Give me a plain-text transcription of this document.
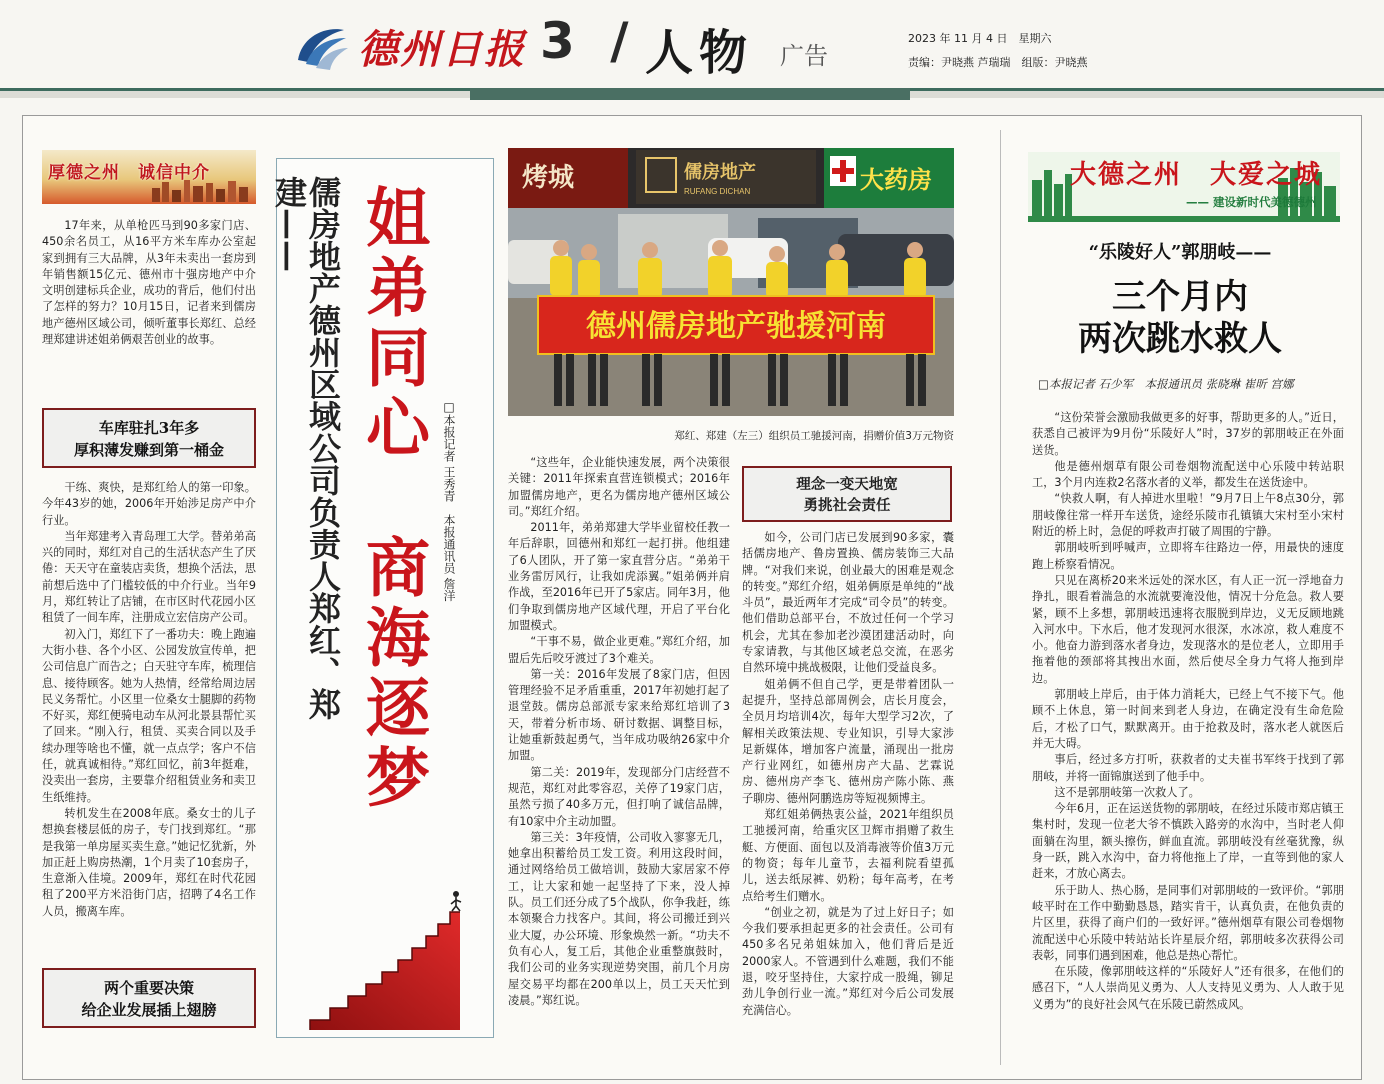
德州日报 3 / 人物 广告
2023 年 11 月 4 日　星期六
责编：尹晓燕 芦瑞瑞　组版：尹晓燕
厚德之州　诚信中介

17年来，从单枪匹马到90多家门店、450余名员工，从16平方米车库办公室起家到拥有三大品牌，从3年未卖出一套房到年销售额15亿元、德州市十强房地产中介文明创建标兵企业，成功的背后，他们付出了怎样的努力？10月15日，记者来到儒房地产德州区域公司，倾听董事长郑红、总经理郑建讲述姐弟俩艰苦创业的故事。

车库驻扎3年多
厚积薄发赚到第一桶金

干练、爽快，是郑红给人的第一印象。今年43岁的她，2006年开始涉足房产中介行业。

当年郑建考入青岛理工大学。替弟弟高兴的同时，郑红对自己的生活状态产生了厌倦：天天守在童装店卖货，想换个活法，思前想后选中了门槛较低的中介行业。当年9月，郑红转让了店铺，在市区时代花园小区租赁了一间车库，注册成立宏信房产公司。

初入门，郑红下了一番功夫：晚上跑遍大街小巷、各个小区、公园发放宣传单，把公司信息广而告之；白天驻守车库，梳理信息、接待顾客。她为人热情，经常给周边居民义务帮忙。小区里一位桑女士腿脚的药物不好买，郑红便骑电动车从河北景县帮忙买了回来。“刚入行，租赁、买卖合同以及手续办理等啥也不懂，就一点点学；客户不信任，就真诚相待。”郑红回忆，前3年挺难，没卖出一套房，主要靠介绍租赁业务和卖卫生纸维持。

转机发生在2008年底。桑女士的儿子想换套楼层低的房子，专门找到郑红。“那是我第一单房屋买卖生意。”她记忆犹新，外加正赶上购房热潮，1个月卖了10套房子，生意渐入佳境。2009年，郑红在时代花园租了200平方米沿街门店，招聘了4名工作人员，搬离车库。

两个重要决策
给企业发展插上翅膀
儒房地产德州区域公司负责人郑红、郑建—— 姐弟同心　商海逐梦 □本报记者 王秀青　本报通讯员 詹洋
烤城	儒房地产
RUFANG DICHAN	大药房
德州儒房地产驰援河南
郑红、郑建（左三）组织员工驰援河南，捐赠价值3万元物资

“这些年，企业能快速发展，两个决策很关键：2011年探索直营连锁模式；2016年加盟儒房地产，更名为儒房地产德州区域公司。”郑红介绍。

2011年，弟弟郑建大学毕业留校任教一年后辞职，回德州和郑红一起打拼。他组建了6人团队，开了第一家直营分店。“弟弟干业务雷厉风行，让我如虎添翼。”姐弟俩并肩作战，至2016年已开了5家店。同年3月，他们争取到儒房地产区域代理，开启了平台化加盟模式。

“干事不易，做企业更难。”郑红介绍，加盟后先后咬牙渡过了3个难关。

第一关：2016年发展了8家门店，但因管理经验不足矛盾重重，2017年初她打起了退堂鼓。儒房总部派专家来给郑红培训了3天，带着分析市场、研讨数据、调整目标，让她重新鼓起勇气，当年成功吸纳26家中介加盟。

第二关：2019年，发现部分门店经营不规范，郑红对此零容忍，关停了19家门店，虽然亏损了40多万元，但打响了诚信品牌，有10家中介主动加盟。

第三关：3年疫情，公司收入寥寥无几，她拿出积蓄给员工发工资。利用这段时间，通过网络给员工做培训，鼓励大家居家不停工，让大家和她一起坚持了下来，没人掉队。员工们还分成了5个战队，你争我赶，练本领聚合力找客户。其间，将公司搬迁到兴业大厦，办公环境、形象焕然一新。“功夫不负有心人，复工后，其他企业重整旗鼓时，我们公司的业务实现逆势突围，前几个月房屋交易平均都在200单以上，员工天天忙到凌晨。”郑红说。

理念一变天地宽
勇挑社会责任

如今，公司门店已发展到90多家，囊括儒房地产、鲁房置换、儒房装饰三大品牌。“对我们来说，创业最大的困难是观念的转变。”郑红介绍，姐弟俩原是单纯的“战斗员”，最近两年才完成“司令员”的转变。他们借助总部平台，不放过任何一个学习机会，尤其在参加老沙漠团建活动时，向专家请教，与其他区域老总交流，在恶劣自然环境中挑战极限，让他们受益良多。

姐弟俩不但自己学，更是带着团队一起提升，坚持总部周例会，店长月度会，全员月均培训4次，每年大型学习2次，了解相关政策法规、专业知识，引导大家涉足新媒体，增加客户流量，涌现出一批房产行业网红，如德州房产大晶、艺霖说房、德州房产李飞、德州房产陈小陈、燕子聊房、德州阿鹏选房等短视频博主。

郑红姐弟俩热衷公益，2021年组织员工驰援河南，给重灾区卫辉市捐赠了救生艇、方便面、面包以及消毒液等价值3万元的物资；每年儿童节，去福利院看望孤儿，送去纸尿裤、奶粉；每年高考，在考点给考生们赠水。

“创业之初，就是为了过上好日子；如今我们要承担起更多的社会责任。公司有450多名兄弟姐妹加入，他们背后是近2000家人。不管遇到什么难题，我们不能退，咬牙坚持住，大家拧成一股绳，铆足劲儿争创行业一流。”郑红对今后公司发展充满信心。

大德之州　大爱之城
—— 建设新时代美德德州
“乐陵好人”郭朋岐——
三个月内
两次跳水救人
□本报记者 石少军　本报通讯员 张晓琳 崔昕 宫娜

“这份荣誉会激励我做更多的好事，帮助更多的人。”近日，获悉自己被评为9月份“乐陵好人”时，37岁的郭朋岐正在外面送货。

他是德州烟草有限公司卷烟物流配送中心乐陵中转站职工，3个月内连救2名落水者的义举，都发生在送货途中。

“快救人啊，有人掉进水里啦！”9月7日上午8点30分，郭朋岐像往常一样开车送货，途经乐陵市孔镇镇大宋村至小宋村附近的桥上时，急促的呼救声打破了周围的宁静。

郭朋岐听到呼喊声，立即将车往路边一停，用最快的速度跑上桥察看情况。

只见在离桥20来米远处的深水区，有人正一沉一浮地奋力挣扎，眼看着湍急的水流就要淹没他，情况十分危急。救人要紧，顾不上多想，郭朋岐迅速将衣服脱到岸边，义无反顾地跳入河水中。下水后，他才发现河水很深，水冰凉，救人难度不小。他奋力游到落水者身边，发现落水的是位老人，立即用手拖着他的颈部将其拽出水面，然后使尽全身力气将人拖到岸边。

郭朋岐上岸后，由于体力消耗大，已经上气不接下气。他顾不上休息，第一时间来到老人身边，在确定没有生命危险后，才松了口气，默默离开。由于抢救及时，落水老人就医后并无大碍。

事后，经过多方打听，获救者的丈夫崔书军终于找到了郭朋岐，并将一面锦旗送到了他手中。

这不是郭朋岐第一次救人了。

今年6月，正在运送货物的郭朋岐，在经过乐陵市郑店镇王集村时，发现一位老大爷不慎跌入路旁的水沟中，当时老人仰面躺在沟里，额头擦伤，鲜血直流。郭朋岐没有丝毫犹豫，纵身一跃，跳入水沟中，奋力将他拖上了岸，一直等到他的家人赶来，才放心离去。

乐于助人、热心肠，是同事们对郭朋岐的一致评价。“郭朋岐平时在工作中勤勤恳恳，踏实肯干，认真负责，在他负责的片区里，获得了商户们的一致好评。”德州烟草有限公司卷烟物流配送中心乐陵中转站站长许星辰介绍，郭朋岐多次获得公司表彰，同事们遇到困难，他总是热心帮忙。

在乐陵，像郭朋岐这样的“乐陵好人”还有很多，在他们的感召下，“人人崇尚见义勇为、人人支持见义勇为、人人敢于见义勇为”的良好社会风气在乐陵已蔚然成风。
